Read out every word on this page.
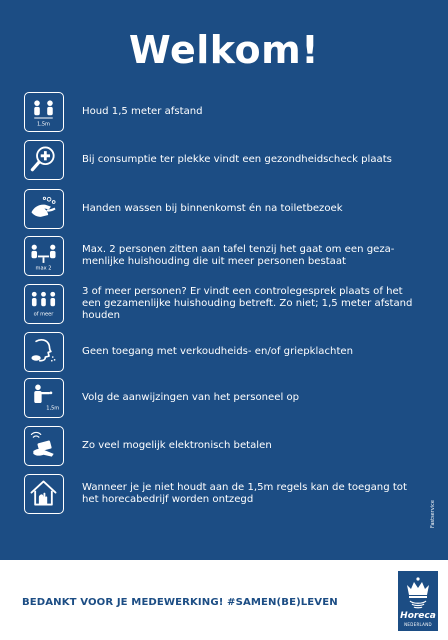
Welkom!
1,5m
Houd 1,5 meter afstand
Bij consumptie ter plekke vindt een gezondheidscheck plaats
Handen wassen bij binnenkomst én na toiletbezoek
max 2
Max. 2 personen zitten aan tafel tenzij het gaat om een geza-menlijke huishouding die uit meer personen bestaat
of meer
3 of meer personen? Er vindt een controlegesprek plaats of het een gezamenlijke huishouding betreft. Zo niet; 1,5 meter afstand houden
Geen toegang met verkoudheids- en/of griepklachten
1,5m
Volg de aanwijzingen van het personeel op
Zo veel mogelijk elektronisch betalen
Wanneer je je niet houdt aan de 1,5m regels kan de toegang tot het horecabedrijf worden ontzegd
Fastservice
BEDANKT VOOR JE MEDEWERKING! #SAMEN(BE)LEVEN
Horeca
NEDERLAND
